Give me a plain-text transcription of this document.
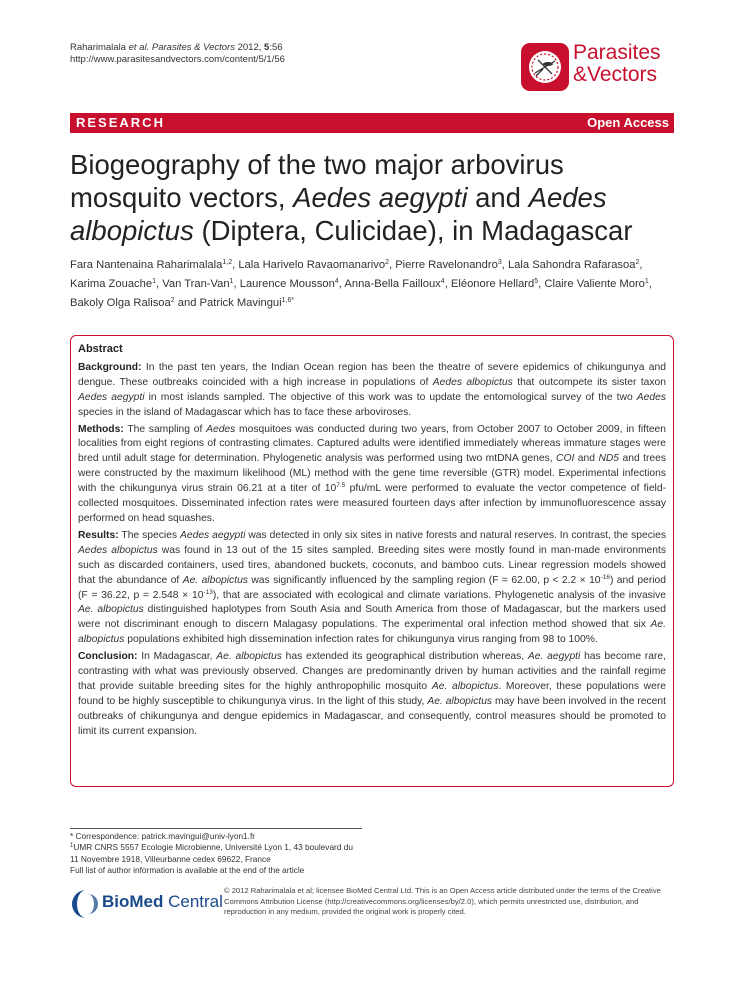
Raharimalala et al. Parasites & Vectors 2012, 5:56
http://www.parasitesandvectors.com/content/5/1/56	Parasites
&Vectors
RESEARCH	Open Access
Biogeography of the two major arbovirus mosquito vectors, Aedes aegypti and Aedes albopictus (Diptera, Culicidae), in Madagascar
Fara Nantenaina Raharimalala$^{1,2}$, Lala Harivelo Ravaomanarivo$^2$, Pierre Ravelonandro$^3$, Lala Sahondra Rafarasoa$^2$, Karima Zouache$^1$, Van Tran-Van$^1$, Laurence Mousson$^4$, Anna-Bella Failloux$^4$, Eléonore Hellard$^5$, Claire Valiente Moro$^1$, Bakoly Olga Ralisoa$^2$ and Patrick Mavingui$^{1,6*}$
Abstract

Background: In the past ten years, the Indian Ocean region has been the theatre of severe epidemics of chikungunya and dengue. These outbreaks coincided with a high increase in populations of Aedes albopictus that outcompete its sister taxon Aedes aegypti in most islands sampled. The objective of this work was to update the entomological survey of the two Aedes species in the island of Madagascar which has to face these arboviroses.

Methods: The sampling of Aedes mosquitoes was conducted during two years, from October 2007 to October 2009, in fifteen localities from eight regions of contrasting climates. Captured adults were identified immediately whereas immature stages were bred until adult stage for determination. Phylogenetic analysis was performed using two mtDNA genes, COI and ND5 and trees were constructed by the maximum likelihood (ML) method with the gene time reversible (GTR) model. Experimental infections with the chikungunya virus strain 06.21 at a titer of $10^{7.5}$ pfu/mL were performed to evaluate the vector competence of field-collected mosquitoes. Disseminated infection rates were measured fourteen days after infection by immunofluorescence assay performed on head squashes.

Results: The species Aedes aegypti was detected in only six sites in native forests and natural reserves. In contrast, the species Aedes albopictus was found in 13 out of the 15 sites sampled. Breeding sites were mostly found in man-made environments such as discarded containers, used tires, abandoned buckets, coconuts, and bamboo cuts. Linear regression models showed that the abundance of Ae. albopictus was significantly influenced by the sampling region (F = 62.00, $p < 2.2 \times 10^{-16}$) and period (F = 36.22, $p = 2.548 \times 10^{-13}$), that are associated with ecological and climate variations. Phylogenetic analysis of the invasive Ae. albopictus distinguished haplotypes from South Asia and South America from those of Madagascar, but the markers used were not discriminant enough to discern Malagasy populations. The experimental oral infection method showed that six Ae. albopictus populations exhibited high dissemination infection rates for chikungunya virus ranging from 98 to 100%.

Conclusion: In Madagascar, Ae. albopictus has extended its geographical distribution whereas, Ae. aegypti has become rare, contrasting with what was previously observed. Changes are predominantly driven by human activities and the rainfall regime that provide suitable breeding sites for the highly anthropophilic mosquito Ae. albopictus. Moreover, these populations were found to be highly susceptible to chikungunya virus. In the light of this study, Ae. albopictus may have been involved in the recent outbreaks of chikungunya and dengue epidemics in Madagascar, and consequently, control measures should be promoted to limit its current expansion.

* Correspondence: patrick.mavingui@univ-lyon1.fr
$^1$UMR CNRS 5557 Ecologie Microbienne, Université Lyon 1, 43 boulevard du
11 Novembre 1918, Villeurbanne cedex 69622, France
Full list of author information is available at the end of the article
BioMed Central
© 2012 Raharimalala et al; licensee BioMed Central Ltd. This is an Open Access article distributed under the terms of the Creative Commons Attribution License (http://creativecommons.org/licenses/by/2.0), which permits unrestricted use, distribution, and reproduction in any medium, provided the original work is properly cited.
